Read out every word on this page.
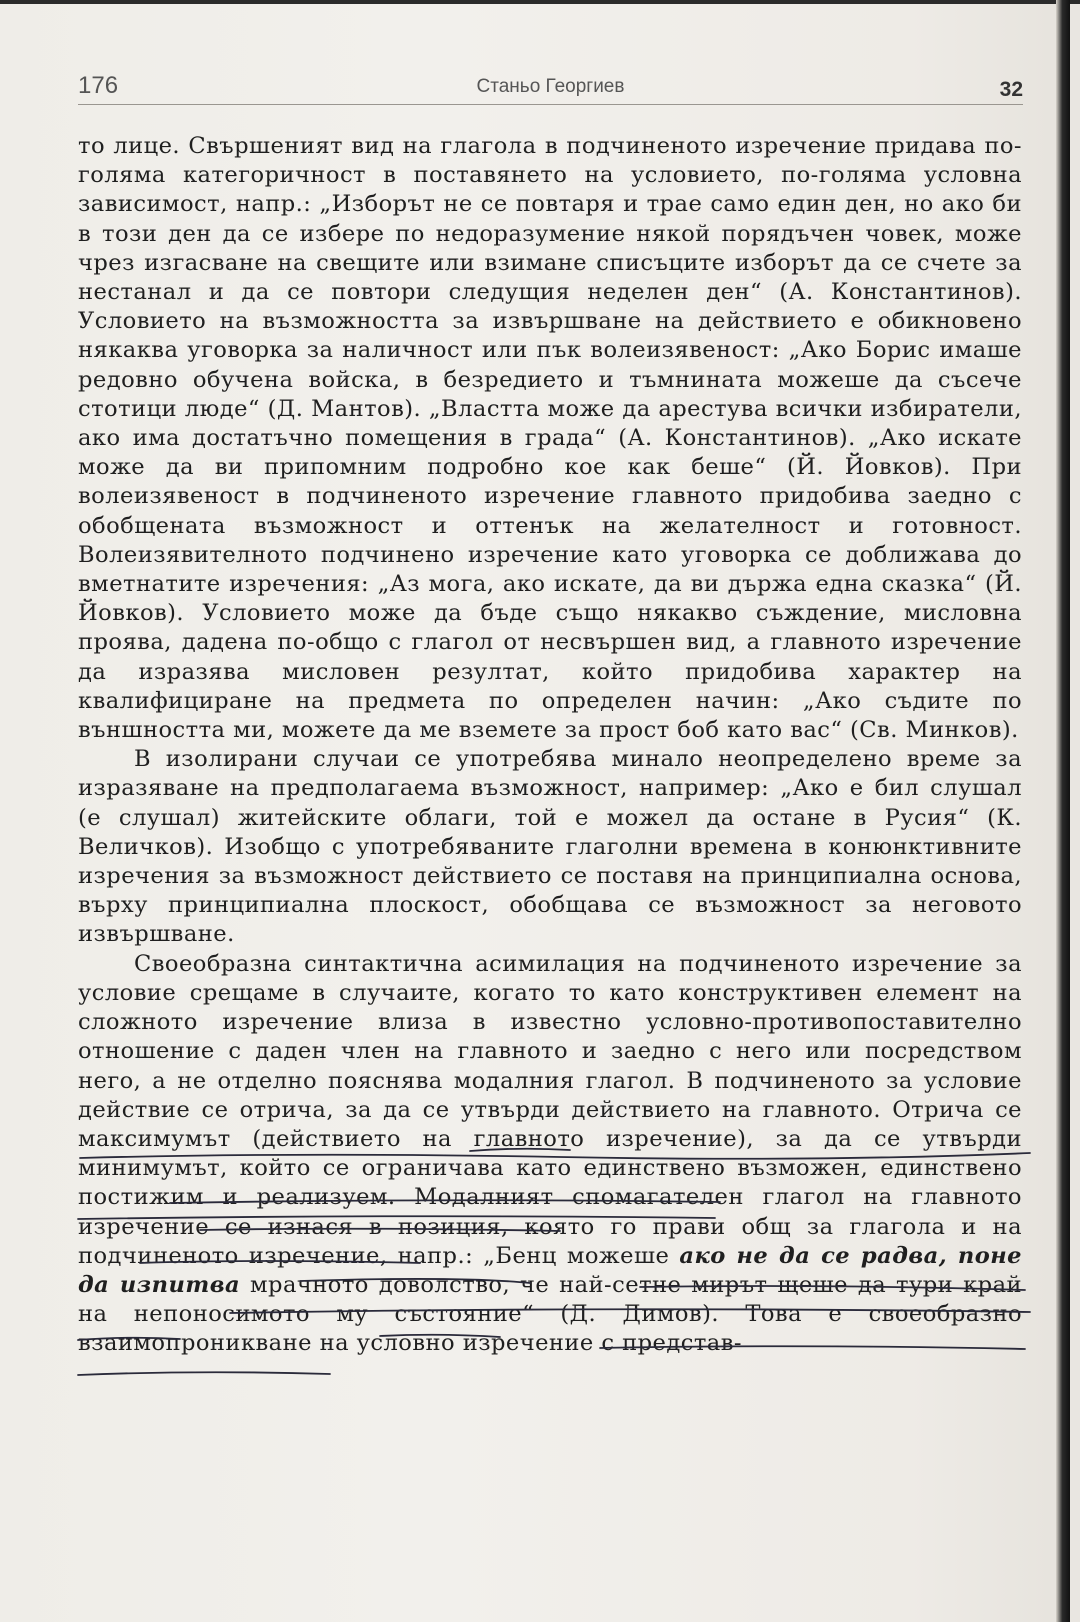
176	Станьо Георгиев	32

то лице. Свършеният вид на глагола в подчиненото изречение придава по-голяма категоричност в поставянето на условието, по-голяма условна зависимост, напр.: „Изборът не се повтаря и трае само един ден, но ако би в този ден да се избере по недоразумение някой порядъчен човек, може чрез изгасване на свещите или взимане списъците изборът да се счете за нестанал и да се повтори следущия неделен ден“ (А. Константинов). Условието на възможността за извършване на действието е обикновено някаква уговорка за наличност или пък волеизявеност: „Ако Борис имаше редовно обучена войска, в безредието и тъмнината можеше да съсече стотици люде“ (Д. Мантов). „Властта може да арестува всички избиратели, ако има достатъчно помещения в града“ (А. Константинов). „Ако искате може да ви припомним подробно кое как беше“ (Й. Йовков). При волеизявеност в подчиненото изречение главното придобива заедно с обобщената възможност и оттенък на желателност и готовност. Волеизявителното подчинено изречение като уговорка се доближава до вметнатите изречения: „Аз мога, ако искате, да ви държа една сказка“ (Й. Йовков). Условието може да бъде също някакво съждение, мисловна проява, дадена по-общо с глагол от несвършен вид, а главното изречение да изразява мисловен резултат, който придобива характер на квалифициране на предмета по определен начин: „Ако съдите по външността ми, можете да ме вземете за прост боб като вас“ (Св. Минков).

В изолирани случаи се употребява минало неопределено време за изразяване на предполагаема възможност, например: „Ако е бил слушал (е слушал) житейските облаги, той е можел да остане в Русия“ (К. Величков). Изобщо с употребяваните глаголни времена в конюнктивните изречения за възможност действието се поставя на принципиална основа, върху принципиална плоскост, обобщава се възможност за неговото извършване.

Своеобразна синтактична асимилация на подчиненото изречение за условие срещаме в случаите, когато то като конструктивен елемент на сложното изречение влиза в известно условно-противопоставително отношение с даден член на главното и заедно с него или посредством него, а не отделно пояснява модалния глагол. В подчиненото за условие действие се отрича, за да се утвърди действието на главното. Отрича се максимумът (действието на главното изречение), за да се утвърди минимумът, който се ограничава като единствено възможен, единствено постижим и реализуем. Модалният спомагателен глагол на главното изречение се изнася в позиция, която го прави общ за глагола и на подчиненото изречение, напр.: „Бенц можеше ако не да се радва, поне да изпитва мрачното доволство, че най-сетне мирът щеше да тури край на непоносимото му състояние“ (Д. Димов). Това е своеобразно взаимопроникване на условно изречение с представ-
